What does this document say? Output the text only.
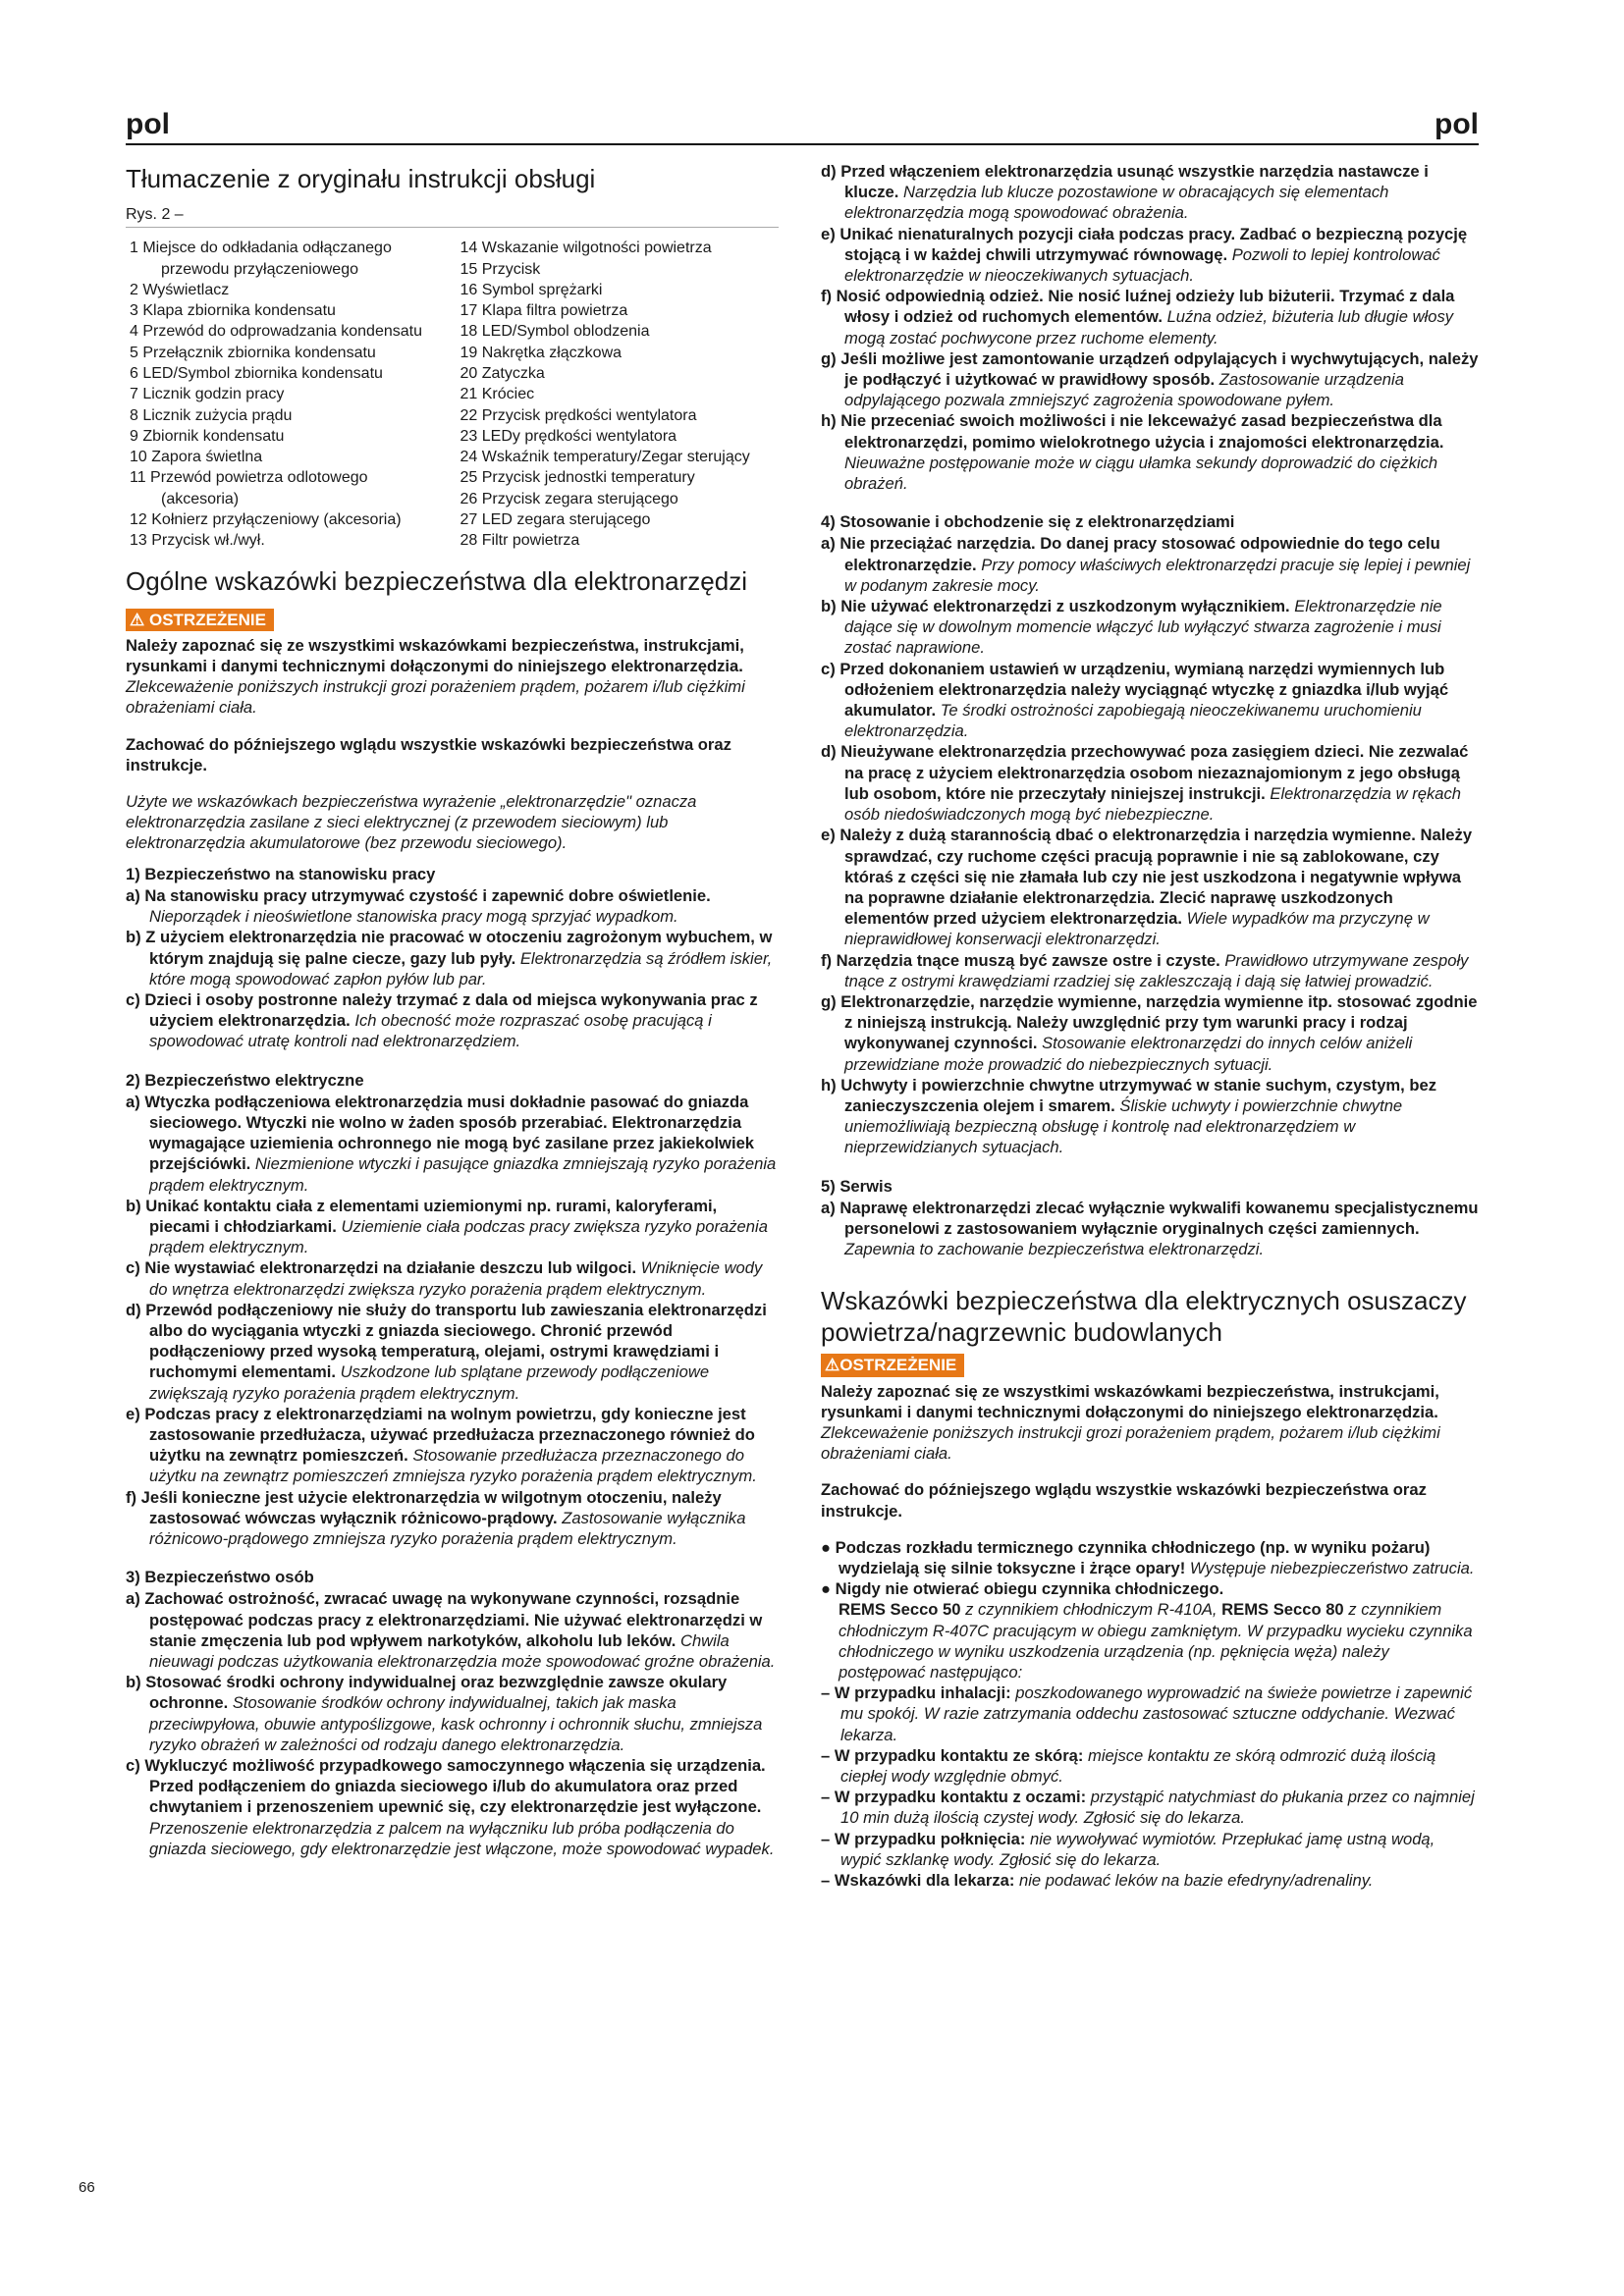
pol	pol
Tłumaczenie z oryginału instrukcji obsługi
Rys. 2 –
1 Miejsce do odkładania odłączanego przewodu przyłączeniowego
2 Wyświetlacz
3 Klapa zbiornika kondensatu
4 Przewód do odprowadzania kondensatu
5 Przełącznik zbiornika kondensatu
6 LED/Symbol zbiornika kondensatu
7 Licznik godzin pracy
8 Licznik zużycia prądu
9 Zbiornik kondensatu
10 Zapora świetlna
11 Przewód powietrza odlotowego (akcesoria)
12 Kołnierz przyłączeniowy (akcesoria)
13 Przycisk wł./wył.
14 Wskazanie wilgotności powietrza
15 Przycisk
16 Symbol sprężarki
17 Klapa filtra powietrza
18 LED/Symbol oblodzenia
19 Nakrętka złączkowa
20 Zatyczka
21 Króciec
22 Przycisk prędkości wentylatora
23 LEDy prędkości wentylatora
24 Wskaźnik temperatury/Zegar sterujący
25 Przycisk jednostki temperatury
26 Przycisk zegara sterującego
27 LED zegara sterującego
28 Filtr powietrza
Ogólne wskazówki bezpieczeństwa dla elektronarzędzi
⚠ OSTRZEŻENIE

Należy zapoznać się ze wszystkimi wskazówkami bezpieczeństwa, instrukcjami, rysunkami i danymi technicznymi dołączonymi do niniejszego elektronarzędzia. Zlekceważenie poniższych instrukcji grozi porażeniem prądem, pożarem i/lub ciężkimi obrażeniami ciała.

Zachować do późniejszego wglądu wszystkie wskazówki bezpieczeństwa oraz instrukcje.

Użyte we wskazówkach bezpieczeństwa wyrażenie „elektronarzędzie" oznacza elektronarzędzia zasilane z sieci elektrycznej (z przewodem sieciowym) lub elektronarzędzia akumulatorowe (bez przewodu sieciowego).

1) Bezpieczeństwo na stanowisku pracy

a) Na stanowisku pracy utrzymywać czystość i zapewnić dobre oświetlenie. Nieporządek i nieoświetlone stanowiska pracy mogą sprzyjać wypadkom.

b) Z użyciem elektronarzędzia nie pracować w otoczeniu zagrożonym wybuchem, w którym znajdują się palne ciecze, gazy lub pyły. Elektronarzędzia są źródłem iskier, które mogą spowodować zapłon pyłów lub par.

c) Dzieci i osoby postronne należy trzymać z dala od miejsca wykonywania prac z użyciem elektronarzędzia. Ich obecność może rozpraszać osobę pracującą i spowodować utratę kontroli nad elektronarzędziem.

2) Bezpieczeństwo elektryczne

a) Wtyczka podłączeniowa elektronarzędzia musi dokładnie pasować do gniazda sieciowego. Wtyczki nie wolno w żaden sposób przerabiać. Elektronarzędzia wymagające uziemienia ochronnego nie mogą być zasilane przez jakiekolwiek przejściówki. Niezmienione wtyczki i pasujące gniazdka zmniejszają ryzyko porażenia prądem elektrycznym.

b) Unikać kontaktu ciała z elementami uziemionymi np. rurami, kaloryferami, piecami i chłodziarkami. Uziemienie ciała podczas pracy zwiększa ryzyko porażenia prądem elektrycznym.

c) Nie wystawiać elektronarzędzi na działanie deszczu lub wilgoci. Wniknięcie wody do wnętrza elektronarzędzi zwiększa ryzyko porażenia prądem elektrycznym.

d) Przewód podłączeniowy nie służy do transportu lub zawieszania elektronarzędzi albo do wyciągania wtyczki z gniazda sieciowego. Chronić przewód podłączeniowy przed wysoką temperaturą, olejami, ostrymi krawędziami i ruchomymi elementami. Uszkodzone lub splątane przewody podłączeniowe zwiększają ryzyko porażenia prądem elektrycznym.

e) Podczas pracy z elektronarzędziami na wolnym powietrzu, gdy konieczne jest zastosowanie przedłużacza, używać przedłużacza przeznaczonego również do użytku na zewnątrz pomieszczeń. Stosowanie przedłużacza przeznaczonego do użytku na zewnątrz pomieszczeń zmniejsza ryzyko porażenia prądem elektrycznym.

f) Jeśli konieczne jest użycie elektronarzędzia w wilgotnym otoczeniu, należy zastosować wówczas wyłącznik różnicowo-prądowy. Zastosowanie wyłącznika różnicowo-prądowego zmniejsza ryzyko porażenia prądem elektrycznym.

3) Bezpieczeństwo osób

a) Zachować ostrożność, zwracać uwagę na wykonywane czynności, rozsądnie postępować podczas pracy z elektronarzędziami. Nie używać elektronarzędzi w stanie zmęczenia lub pod wpływem narkotyków, alkoholu lub leków. Chwila nieuwagi podczas użytkowania elektronarzędzia może spowodować groźne obrażenia.

b) Stosować środki ochrony indywidualnej oraz bezwzględnie zawsze okulary ochronne. Stosowanie środków ochrony indywidualnej, takich jak maska przeciwpyłowa, obuwie antypoślizgowe, kask ochronny i ochronnik słuchu, zmniejsza ryzyko obrażeń w zależności od rodzaju danego elektronarzędzia.

c) Wykluczyć możliwość przypadkowego samoczynnego włączenia się urządzenia. Przed podłączeniem do gniazda sieciowego i/lub do akumulatora oraz przed chwytaniem i przenoszeniem upewnić się, czy elektronarzędzie jest wyłączone. Przenoszenie elektronarzędzia z palcem na wyłączniku lub próba podłączenia do gniazda sieciowego, gdy elektronarzędzie jest włączone, może spowodować wypadek.

d) Przed włączeniem elektronarzędzia usunąć wszystkie narzędzia nastawcze i klucze. Narzędzia lub klucze pozostawione w obracających się elementach elektronarzędzia mogą spowodować obrażenia.

e) Unikać nienaturalnych pozycji ciała podczas pracy. Zadbać o bezpieczną pozycję stojącą i w każdej chwili utrzymywać równowagę. Pozwoli to lepiej kontrolować elektronarzędzie w nieoczekiwanych sytuacjach.

f) Nosić odpowiednią odzież. Nie nosić luźnej odzieży lub biżuterii. Trzymać z dala włosy i odzież od ruchomych elementów. Luźna odzież, biżuteria lub długie włosy mogą zostać pochwycone przez ruchome elementy.

g) Jeśli możliwe jest zamontowanie urządzeń odpylających i wychwytujących, należy je podłączyć i użytkować w prawidłowy sposób. Zastosowanie urządzenia odpylającego pozwala zmniejszyć zagrożenia spowodowane pyłem.

h) Nie przeceniać swoich możliwości i nie lekceważyć zasad bezpieczeństwa dla elektronarzędzi, pomimo wielokrotnego użycia i znajomości elektronarzędzia. Nieuważne postępowanie może w ciągu ułamka sekundy doprowadzić do ciężkich obrażeń.

4) Stosowanie i obchodzenie się z elektronarzędziami

a) Nie przeciążać narzędzia. Do danej pracy stosować odpowiednie do tego celu elektronarzędzie. Przy pomocy właściwych elektronarzędzi pracuje się lepiej i pewniej w podanym zakresie mocy.

b) Nie używać elektronarzędzi z uszkodzonym wyłącznikiem. Elektronarzędzie nie dające się w dowolnym momencie włączyć lub wyłączyć stwarza zagrożenie i musi zostać naprawione.

c) Przed dokonaniem ustawień w urządzeniu, wymianą narzędzi wymiennych lub odłożeniem elektronarzędzia należy wyciągnąć wtyczkę z gniazdka i/lub wyjąć akumulator. Te środki ostrożności zapobiegają nieoczekiwanemu uruchomieniu elektronarzędzia.

d) Nieużywane elektronarzędzia przechowywać poza zasięgiem dzieci. Nie zezwalać na pracę z użyciem elektronarzędzia osobom niezaznajomionym z jego obsługą lub osobom, które nie przeczytały niniejszej instrukcji. Elektronarzędzia w rękach osób niedoświadczonych mogą być niebezpieczne.

e) Należy z dużą starannością dbać o elektronarzędzia i narzędzia wymienne. Należy sprawdzać, czy ruchome części pracują poprawnie i nie są zablokowane, czy któraś z części się nie złamała lub czy nie jest uszkodzona i negatywnie wpływa na poprawne działanie elektronarzędzia. Zlecić naprawę uszkodzonych elementów przed użyciem elektronarzędzia. Wiele wypadków ma przyczynę w nieprawidłowej konserwacji elektronarzędzi.

f) Narzędzia tnące muszą być zawsze ostre i czyste. Prawidłowo utrzymywane zespoły tnące z ostrymi krawędziami rzadziej się zakleszczają i dają się łatwiej prowadzić.

g) Elektronarzędzie, narzędzie wymienne, narzędzia wymienne itp. stosować zgodnie z niniejszą instrukcją. Należy uwzględnić przy tym warunki pracy i rodzaj wykonywanej czynności. Stosowanie elektronarzędzi do innych celów aniżeli przewidziane może prowadzić do niebezpiecznych sytuacji.

h) Uchwyty i powierzchnie chwytne utrzymywać w stanie suchym, czystym, bez zanieczyszczenia olejem i smarem. Śliskie uchwyty i powierzchnie chwytne uniemożliwiają bezpieczną obsługę i kontrolę nad elektronarzędziem w nieprzewidzianych sytuacjach.

5) Serwis

a) Naprawę elektronarzędzi zlecać wyłącznie wykwalifi kowanemu specjalistycznemu personelowi z zastosowaniem wyłącznie oryginalnych części zamiennych. Zapewnia to zachowanie bezpieczeństwa elektronarzędzi.

Wskazówki bezpieczeństwa dla elektrycznych osuszaczy powietrza/nagrzewnic budowlanych
⚠OSTRZEŻENIE

Należy zapoznać się ze wszystkimi wskazówkami bezpieczeństwa, instrukcjami, rysunkami i danymi technicznymi dołączonymi do niniejszego elektronarzędzia. Zlekceważenie poniższych instrukcji grozi porażeniem prądem, pożarem i/lub ciężkimi obrażeniami ciała.

Zachować do późniejszego wglądu wszystkie wskazówki bezpieczeństwa oraz instrukcje.

● Podczas rozkładu termicznego czynnika chłodniczego (np. w wyniku pożaru) wydzielają się silnie toksyczne i żrące opary! Występuje niebezpieczeństwo zatrucia.

● Nigdy nie otwierać obiegu czynnika chłodniczego.
REMS Secco 50 z czynnikiem chłodniczym R-410A, REMS Secco 80 z czynnikiem chłodniczym R-407C pracującym w obiegu zamkniętym. W przypadku wycieku czynnika chłodniczego w wyniku uszkodzenia urządzenia (np. pęknięcia węża) należy postępować następująco:

– W przypadku inhalacji: poszkodowanego wyprowadzić na świeże powietrze i zapewnić mu spokój. W razie zatrzymania oddechu zastosować sztuczne oddychanie. Wezwać lekarza.

– W przypadku kontaktu ze skórą: miejsce kontaktu ze skórą odmrozić dużą ilością ciepłej wody względnie obmyć.

– W przypadku kontaktu z oczami: przystąpić natychmiast do płukania przez co najmniej 10 min dużą ilością czystej wody. Zgłosić się do lekarza.

– W przypadku połknięcia: nie wywoływać wymiotów. Przepłukać jamę ustną wodą, wypić szklankę wody. Zgłosić się do lekarza.

– Wskazówki dla lekarza: nie podawać leków na bazie efedryny/adrenaliny.

66
